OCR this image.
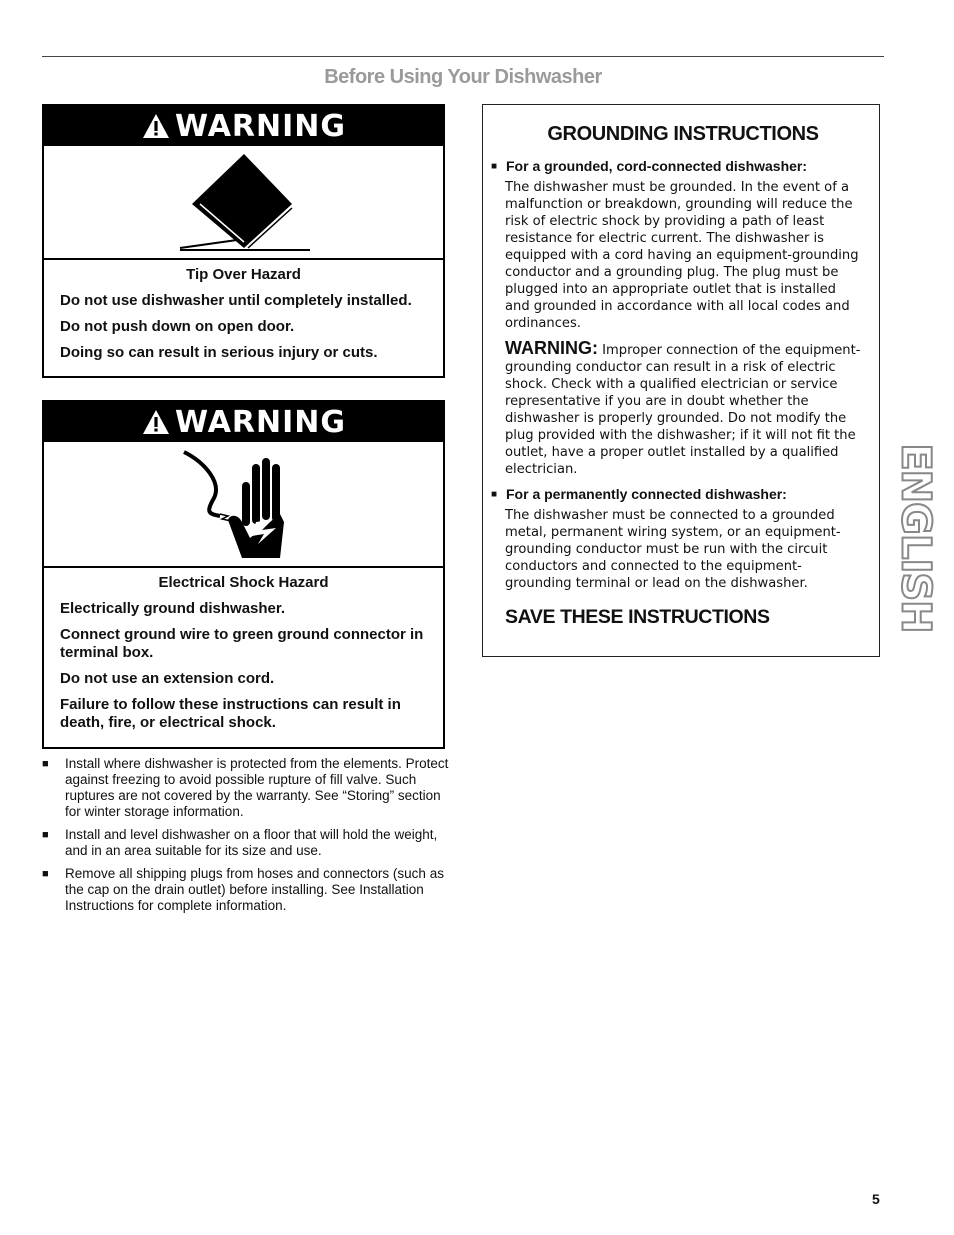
Before Using Your Dishwasher
WARNING
Tip Over Hazard

Do not use dishwasher until completely installed.

Do not push down on open door.

Doing so can result in serious injury or cuts.

WARNING
Electrical Shock Hazard

Electrically ground dishwasher.

Connect ground wire to green ground connector in terminal box.

Do not use an extension cord.

Failure to follow these instructions can result in death, fire, or electrical shock.

■	Install where dishwasher is protected from the elements. Protect against freezing to avoid possible rupture of fill valve. Such ruptures are not covered by the warranty. See “Storing” section for winter storage information.
■	Install and level dishwasher on a floor that will hold the weight, and in an area suitable for its size and use.
■	Remove all shipping plugs from hoses and connectors (such as the cap on the drain outlet) before installing. See Installation Instructions for complete information.
GROUNDING INSTRUCTIONS
■ For a grounded, cord-connected dishwasher:

The dishwasher must be grounded. In the event of a malfunction or breakdown, grounding will reduce the risk of electric shock by providing a path of least resistance for electric current. The dishwasher is equipped with a cord having an equipment-grounding conductor and a grounding plug. The plug must be plugged into an appropriate outlet that is installed and grounded in accordance with all local codes and ordinances.

WARNING: Improper connection of the equipment-grounding conductor can result in a risk of electric shock. Check with a qualified electrician or service representative if you are in doubt whether the dishwasher is properly grounded. Do not modify the plug provided with the dishwasher; if it will not fit the outlet, have a proper outlet installed by a qualified electrician.

■ For a permanently connected dishwasher:

The dishwasher must be connected to a grounded metal, permanent wiring system, or an equipment-grounding conductor must be run with the circuit conductors and connected to the equipment-grounding terminal or lead on the dishwasher.

SAVE THESE INSTRUCTIONS	ENGLISH
5
